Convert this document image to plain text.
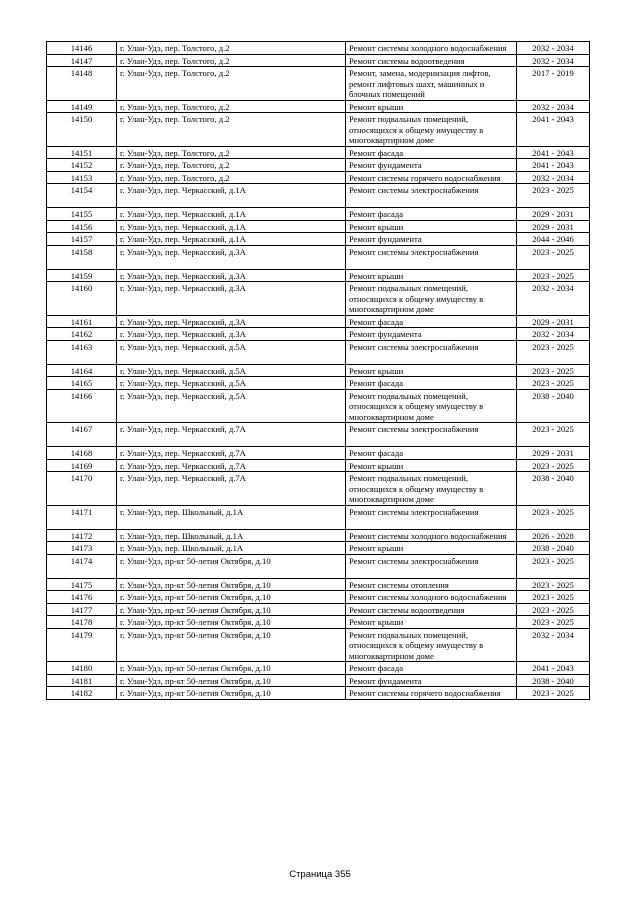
14146	г. Улан-Удэ, пер. Толстого, д.2	Ремонт системы холодного водоснабжения	2032 - 2034
14147	г. Улан-Удэ, пер. Толстого, д.2	Ремонт системы водоотведения	2032 - 2034
14148	г. Улан-Удэ, пер. Толстого, д.2	Ремонт, замена, модернизация лифтов, ремонт лифтовых шахт, машинных и блочных помещений	2017 - 2019
14149	г. Улан-Удэ, пер. Толстого, д.2	Ремонт крыши	2032 - 2034
14150	г. Улан-Удэ, пер. Толстого, д.2	Ремонт подвальных помещений, относящихся к общему имуществу в многоквартирном доме	2041 - 2043
14151	г. Улан-Удэ, пер. Толстого, д.2	Ремонт фасада	2041 - 2043
14152	г. Улан-Удэ, пер. Толстого, д.2	Ремонт фундамента	2041 - 2043
14153	г. Улан-Удэ, пер. Толстого, д.2	Ремонт системы горячего водоснабжения	2032 - 2034
14154	г. Улан-Удэ, пер. Черкасский, д.1А	Ремонт системы электроснабжения	2023 - 2025
14155	г. Улан-Удэ, пер. Черкасский, д.1А	Ремонт фасада	2029 - 2031
14156	г. Улан-Удэ, пер. Черкасский, д.1А	Ремонт крыши	2029 - 2031
14157	г. Улан-Удэ, пер. Черкасский, д.1А	Ремонт фундамента	2044 - 2046
14158	г. Улан-Удэ, пер. Черкасский, д.3А	Ремонт системы электроснабжения	2023 - 2025
14159	г. Улан-Удэ, пер. Черкасский, д.3А	Ремонт крыши	2023 - 2025
14160	г. Улан-Удэ, пер. Черкасский, д.3А	Ремонт подвальных помещений, относящихся к общему имуществу в многоквартирном доме	2032 - 2034
14161	г. Улан-Удэ, пер. Черкасский, д.3А	Ремонт фасада	2029 - 2031
14162	г. Улан-Удэ, пер. Черкасский, д.3А	Ремонт фундамента	2032 - 2034
14163	г. Улан-Удэ, пер. Черкасский, д.5А	Ремонт системы электроснабжения	2023 - 2025
14164	г. Улан-Удэ, пер. Черкасский, д.5А	Ремонт крыши	2023 - 2025
14165	г. Улан-Удэ, пер. Черкасский, д.5А	Ремонт фасада	2023 - 2025
14166	г. Улан-Удэ, пер. Черкасский, д.5А	Ремонт подвальных помещений, относящихся к общему имуществу в многоквартирном доме	2038 - 2040
14167	г. Улан-Удэ, пер. Черкасский, д.7А	Ремонт системы электроснабжения	2023 - 2025
14168	г. Улан-Удэ, пер. Черкасский, д.7А	Ремонт фасада	2029 - 2031
14169	г. Улан-Удэ, пер. Черкасский, д.7А	Ремонт крыши	2023 - 2025
14170	г. Улан-Удэ, пер. Черкасский, д.7А	Ремонт подвальных помещений, относящихся к общему имуществу в многоквартирном доме	2038 - 2040
14171	г. Улан-Удэ, пер. Школьный, д.1А	Ремонт системы электроснабжения	2023 - 2025
14172	г. Улан-Удэ, пер. Школьный, д.1А	Ремонт системы холодного водоснабжения	2026 - 2028
14173	г. Улан-Удэ, пер. Школьный, д.1А	Ремонт крыши	2038 - 2040
14174	г. Улан-Удэ, пр-кт 50-летия Октября, д.10	Ремонт системы электроснабжения	2023 - 2025
14175	г. Улан-Удэ, пр-кт 50-летия Октября, д.10	Ремонт системы отопления	2023 - 2025
14176	г. Улан-Удэ, пр-кт 50-летия Октября, д.10	Ремонт системы холодного водоснабжения	2023 - 2025
14177	г. Улан-Удэ, пр-кт 50-летия Октября, д.10	Ремонт системы водоотведения	2023 - 2025
14178	г. Улан-Удэ, пр-кт 50-летия Октября, д.10	Ремонт крыши	2023 - 2025
14179	г. Улан-Удэ, пр-кт 50-летия Октября, д.10	Ремонт подвальных помещений, относящихся к общему имуществу в многоквартирном доме	2032 - 2034
14180	г. Улан-Удэ, пр-кт 50-летия Октября, д.10	Ремонт фасада	2041 - 2043
14181	г. Улан-Удэ, пр-кт 50-летия Октября, д.10	Ремонт фундамента	2038 - 2040
14182	г. Улан-Удэ, пр-кт 50-летия Октября, д.10	Ремонт системы горячего водоснабжения	2023 - 2025
Страница 355
